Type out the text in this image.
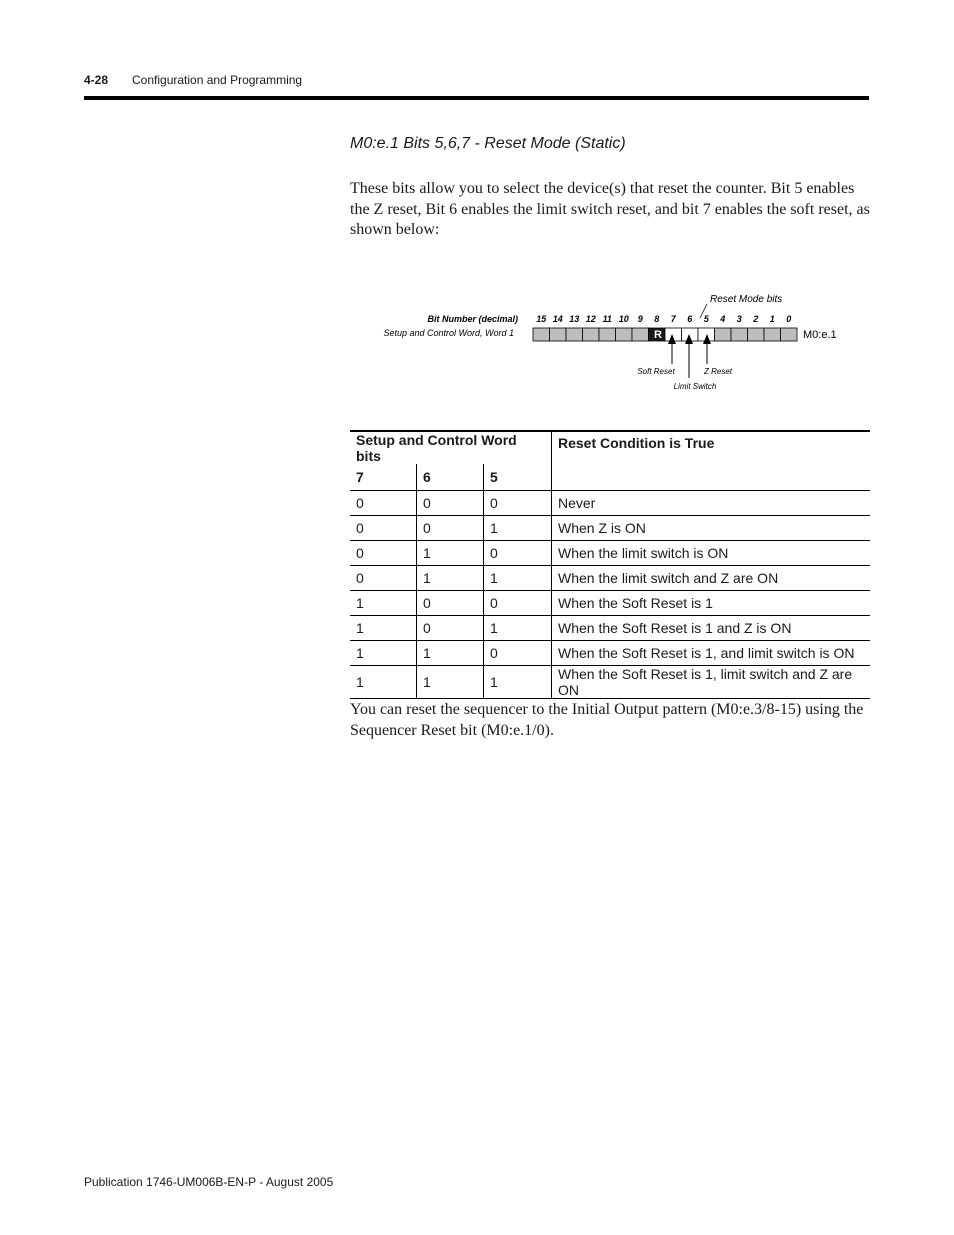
4-28 Configuration and Programming
M0:e.1 Bits 5,6,7 - Reset Mode (Static)
These bits allow you to select the device(s) that reset the counter. Bit 5 enables the Z reset, Bit 6 enables the limit switch reset, and bit 7 enables the soft reset, as shown below:
Bit Number (decimal)
Setup and Control Word, Word 1
15 14 13 12 11 10 9 8 7 6 5 4 3 2 1 0
R	M0:e.1
Reset Mode bits
Soft Reset	Z Reset
Limit Switch
Setup and Control Word bits			Reset Condition is True
7	6	5	
0	0	0	Never
0	0	1	When Z is ON
0	1	0	When the limit switch is ON
0	1	1	When the limit switch and Z are ON
1	0	0	When the Soft Reset is 1
1	0	1	When the Soft Reset is 1 and Z is ON
1	1	0	When the Soft Reset is 1, and limit switch is ON
1	1	1	When the Soft Reset is 1, limit switch and Z are ON
You can reset the sequencer to the Initial Output pattern (M0:e.3/8-15) using the Sequencer Reset bit (M0:e.1/0).
Publication 1746-UM006B-EN-P - August 2005
